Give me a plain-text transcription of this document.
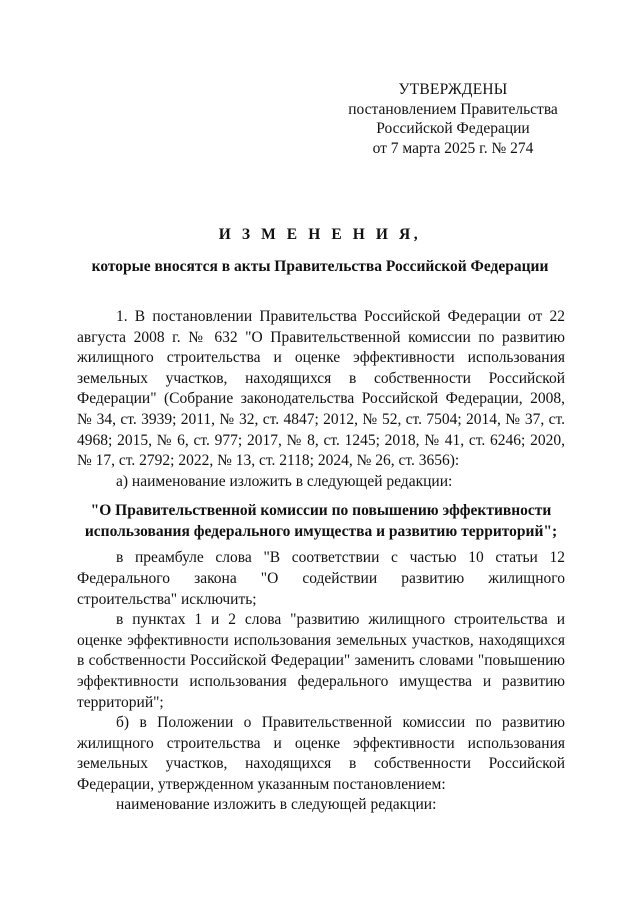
УТВЕРЖДЕНЫ
постановлением Правительства
Российской Федерации
от 7 марта 2025 г. № 274
И З М Е Н Е Н И Я,
которые вносятся в акты Правительства Российской Федерации

1. В постановлении Правительства Российской Федерации от 22 августа 2008 г. № 632 "О Правительственной комиссии по развитию жилищного строительства и оценке эффективности использования земельных участков, находящихся в собственности Российской Федерации" (Собрание законодательства Российской Федерации, 2008, № 34, ст. 3939; 2011, № 32, ст. 4847; 2012, № 52, ст. 7504; 2014, № 37, ст. 4968; 2015, № 6, ст. 977; 2017, № 8, ст. 1245; 2018, № 41, ст. 6246; 2020, № 17, ст. 2792; 2022, № 13, ст. 2118; 2024, № 26, ст. 3656):

а) наименование изложить в следующей редакции:

"О Правительственной комиссии по повышению эффективности использования федерального имущества и развитию территорий";

в преамбуле слова "В соответствии с частью 10 статьи 12 Федерального закона "О содействии развитию жилищного строительства" исключить;

в пунктах 1 и 2 слова "развитию жилищного строительства и оценке эффективности использования земельных участков, находящихся в собственности Российской Федерации" заменить словами "повышению эффективности использования федерального имущества и развитию территорий";

б) в Положении о Правительственной комиссии по развитию жилищного строительства и оценке эффективности использования земельных участков, находящихся в собственности Российской Федерации, утвержденном указанным постановлением:

наименование изложить в следующей редакции:
